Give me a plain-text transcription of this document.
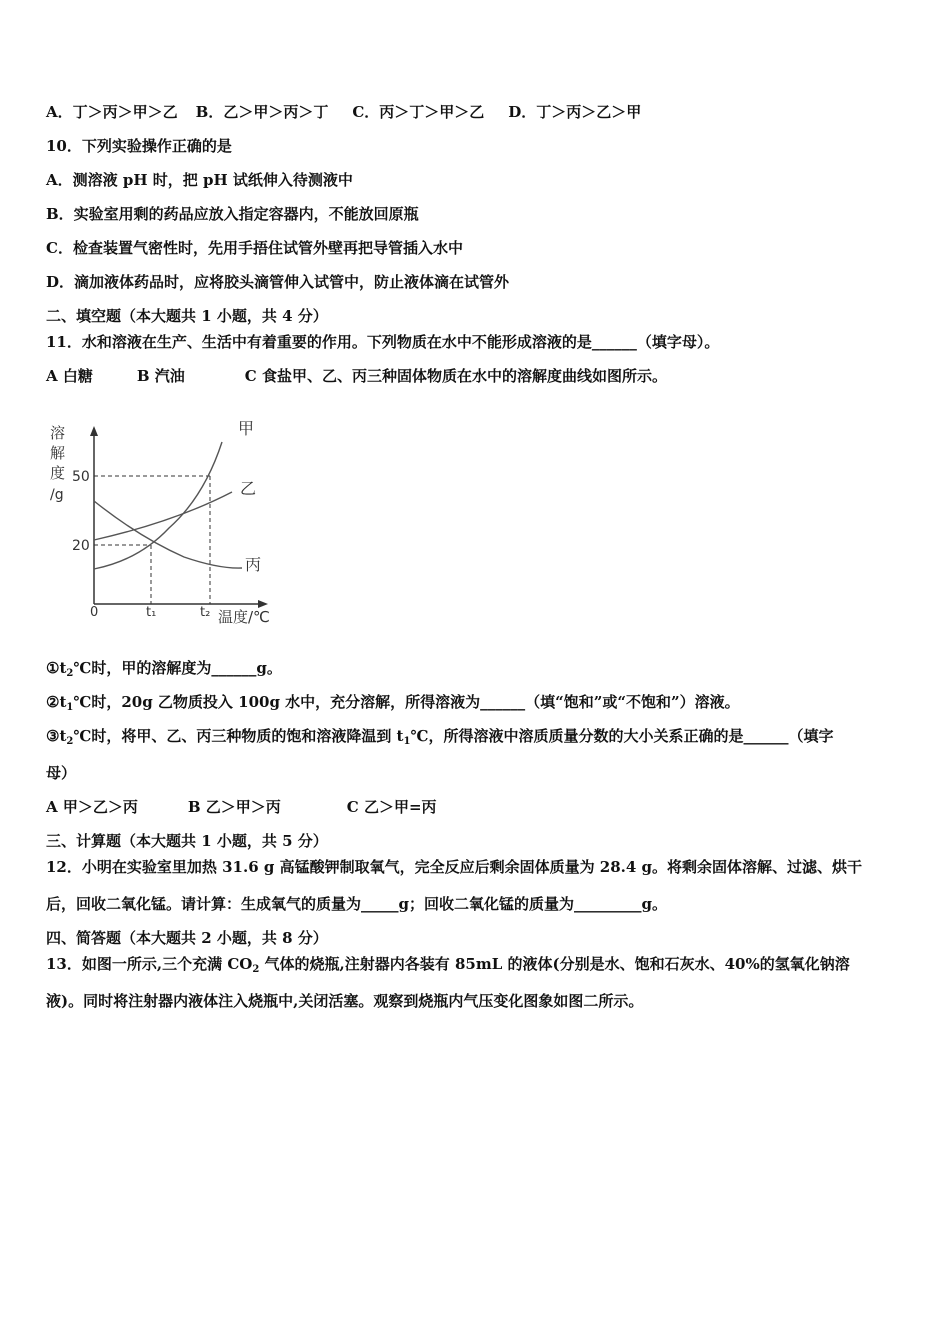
A．丁＞丙＞甲＞乙 B．乙＞甲＞丙＞丁 C．丙＞丁＞甲＞乙 D．丁＞丙＞乙＞甲
10．下列实验操作正确的是
A．测溶液 pH 时，把 pH 试纸伸入待测液中
B．实验室用剩的药品应放入指定容器内，不能放回原瓶
C．检查装置气密性时，先用手捂住试管外壁再把导管插入水中
D．滴加液体药品时，应将胶头滴管伸入试管中，防止液体滴在试管外
二、填空题（本大题共 1 小题，共 4 分）
11．水和溶液在生产、生活中有着重要的作用。下列物质在水中不能形成溶液的是______（填字母）。
A 白糖	B 汽油	C 食盐甲、乙、丙三种固体物质在水中的溶解度曲线如图所示。
溶
解
度
/g
50
20
0	t₁	t₂ 温度/℃
甲
乙
丙
$①t_2℃$时，甲的溶解度为______g。
$②t_1℃$时，20g 乙物质投入 100g 水中，充分溶解，所得溶液为______（填“饱和”或“不饱和”）溶液。
$③t_2℃$时，将甲、乙、丙三种物质的饱和溶液降温到 $t_1℃$，所得溶液中溶质质量分数的大小关系正确的是______（填字
母）
A 甲＞乙＞丙	B 乙＞甲＞丙	C 乙＞甲=丙
三、计算题（本大题共 1 小题，共 5 分）
12．小明在实验室里加热 31.6 g 高锰酸钾制取氧气，完全反应后剩余固体质量为 28.4 g。将剩余固体溶解、过滤、烘干
后，回收二氧化锰。请计算：生成氧气的质量为_____g；回收二氧化锰的质量为_________g。
四、简答题（本大题共 2 小题，共 8 分）
13．如图一所示,三个充满 $CO_2$ 气体的烧瓶,注射器内各装有 85mL 的液体(分别是水、饱和石灰水、40%的氢氧化钠溶
液)。同时将注射器内液体注入烧瓶中,关闭活塞。观察到烧瓶内气压变化图象如图二所示。
